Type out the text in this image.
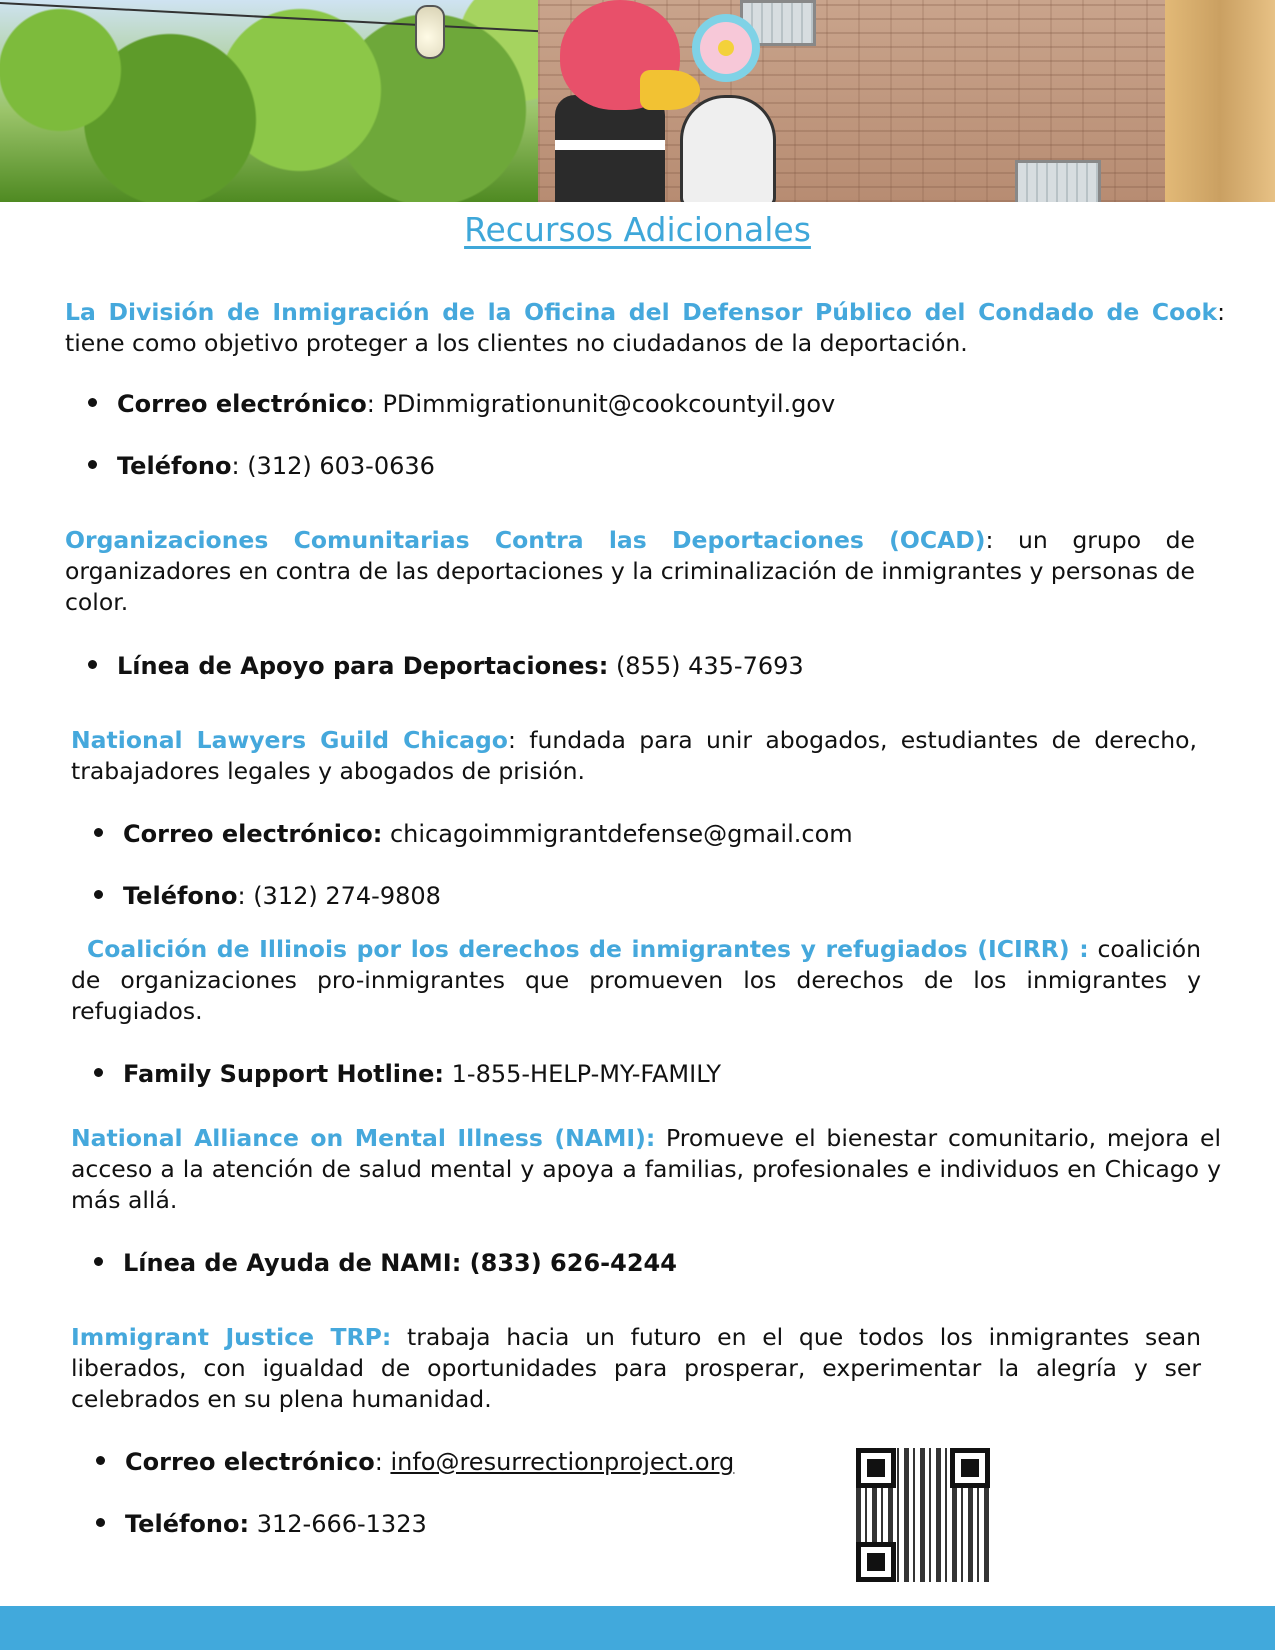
Recursos Adicionales
La División de Inmigración de la Oficina del Defensor Público del Condado de Cook: tiene como objetivo proteger a los clientes no ciudadanos de la deportación.
Correo electrónico: PDimmigrationunit@cookcountyil.gov
Teléfono: (312) 603-0636
Organizaciones Comunitarias Contra las Deportaciones (OCAD): un grupo de organizadores en contra de las deportaciones y la criminalización de inmigrantes y personas de color.
Línea de Apoyo para Deportaciones: (855) 435-7693
National Lawyers Guild Chicago: fundada para unir abogados, estudiantes de derecho, trabajadores legales y abogados de prisión.
Correo electrónico: chicagoimmigrantdefense@gmail.com
Teléfono: (312) 274-9808
Coalición de Illinois por los derechos de inmigrantes y refugiados (ICIRR) : coalición de organizaciones pro-inmigrantes que promueven los derechos de los inmigrantes y refugiados.
Family Support Hotline: 1-855-HELP-MY-FAMILY
National Alliance on Mental Illness (NAMI): Promueve el bienestar comunitario, mejora el acceso a la atención de salud mental y apoya a familias, profesionales e individuos en Chicago y más allá.
Línea de Ayuda de NAMI: (833) 626-4244
Immigrant Justice TRP: trabaja hacia un futuro en el que todos los inmigrantes sean liberados, con igualdad de oportunidades para prosperar, experimentar la alegría y ser celebrados en su plena humanidad.
Correo electrónico: info@resurrectionproject.org
Teléfono: 312-666-1323
